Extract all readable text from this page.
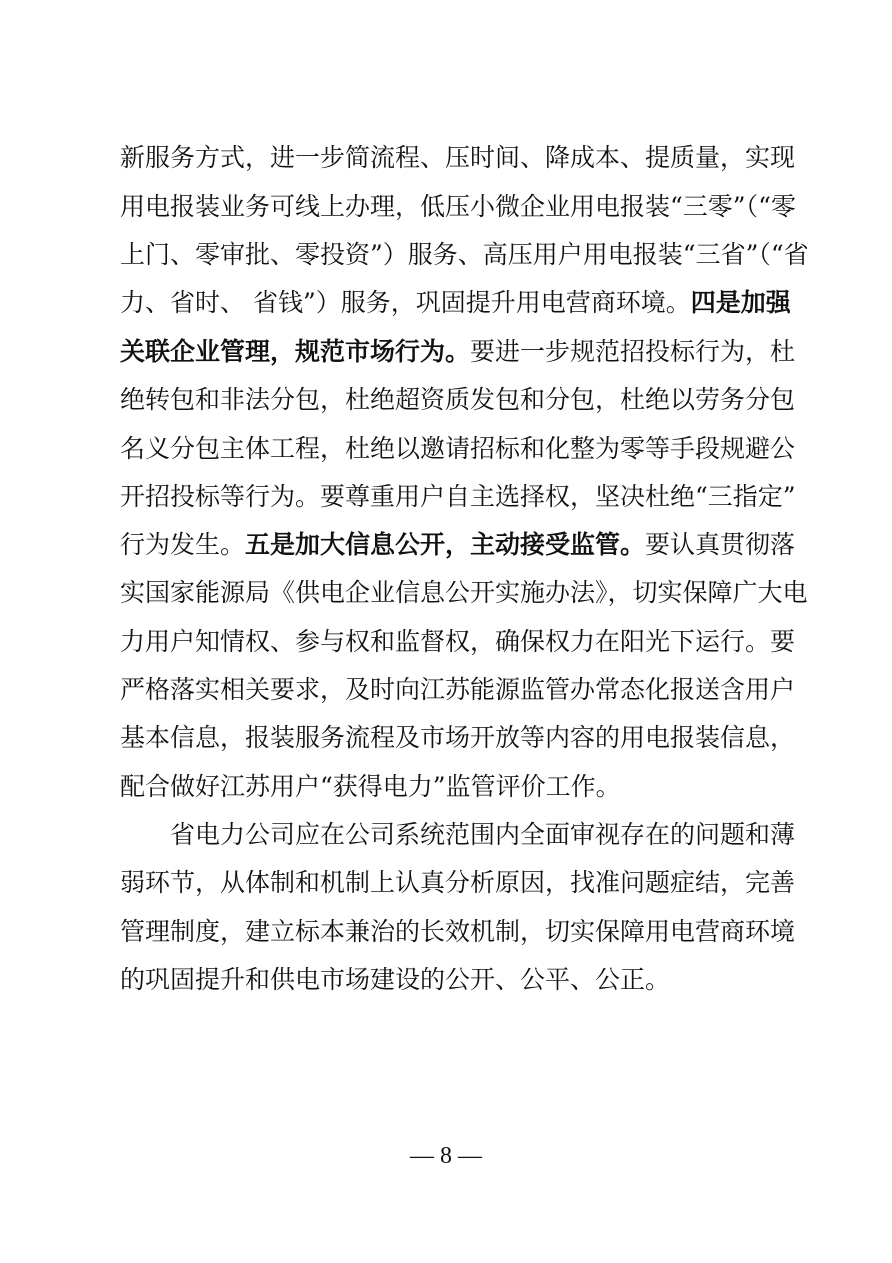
新服务方式，进一步简流程、压时间、降成本、提质量，实现
用电报装业务可线上办理，低压小微企业用电报装“三零”（“零
上门、零审批、零投资”）服务、高压用户用电报装“三省”（“省
力、省时、 省钱”）服务，巩固提升用电营商环境。四是加强
关联企业管理，规范市场行为。要进一步规范招投标行为，杜
绝转包和非法分包，杜绝超资质发包和分包，杜绝以劳务分包
名义分包主体工程，杜绝以邀请招标和化整为零等手段规避公
开招投标等行为。要尊重用户自主选择权，坚决杜绝“三指定”
行为发生。五是加大信息公开，主动接受监管。要认真贯彻落
实国家能源局《供电企业信息公开实施办法》，切实保障广大电
力用户知情权、参与权和监督权，确保权力在阳光下运行。要
严格落实相关要求，及时向江苏能源监管办常态化报送含用户
基本信息，报装服务流程及市场开放等内容的用电报装信息，
配合做好江苏用户“获得电力”监管评价工作。
省电力公司应在公司系统范围内全面审视存在的问题和薄
弱环节，从体制和机制上认真分析原因，找准问题症结，完善
管理制度，建立标本兼治的长效机制，切实保障用电营商环境
的巩固提升和供电市场建设的公开、公平、公正。
— 8 —
